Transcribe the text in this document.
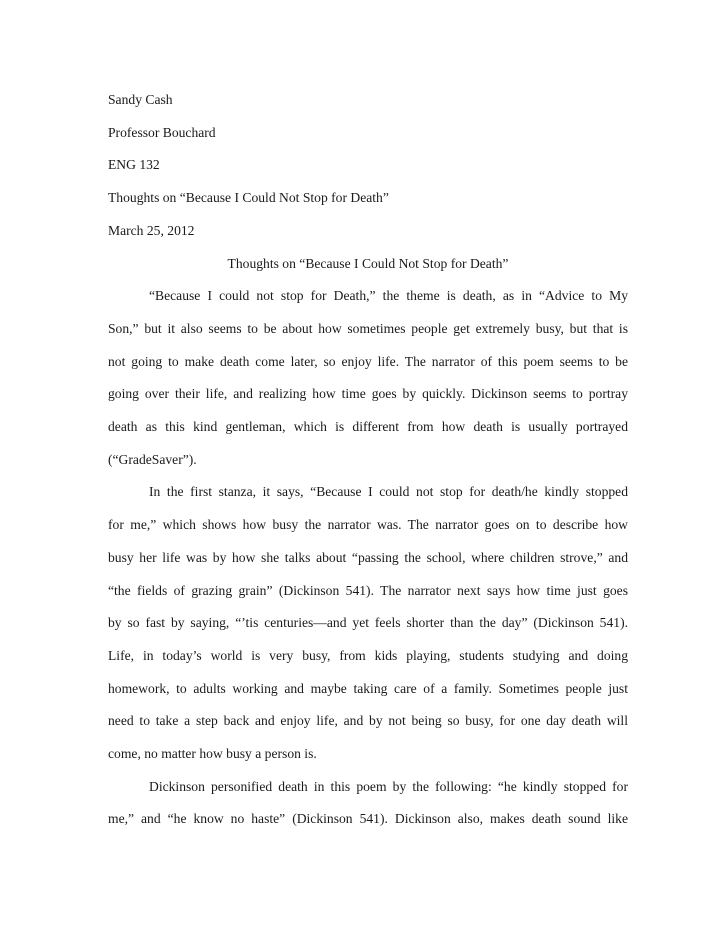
Sandy Cash

Professor Bouchard

ENG 132

Thoughts on “Because I Could Not Stop for Death”

March 25, 2012

Thoughts on “Because I Could Not Stop for Death”

“Because I could not stop for Death,” the theme is death, as in “Advice to My

Son,” but it also seems to be about how sometimes people get extremely busy, but that is

not going to make death come later, so enjoy life. The narrator of this poem seems to be

going over their life, and realizing how time goes by quickly. Dickinson seems to portray

death as this kind gentleman, which is different from how death is usually portrayed

(“GradeSaver”).

In the first stanza, it says, “Because I could not stop for death/he kindly stopped

for me,” which shows how busy the narrator was. The narrator goes on to describe how

busy her life was by how she talks about “passing the school, where children strove,” and

“the fields of grazing grain” (Dickinson 541). The narrator next says how time just goes

by so fast by saying, “’tis centuries—and yet feels shorter than the day” (Dickinson 541).

Life, in today’s world is very busy, from kids playing, students studying and doing

homework, to adults working and maybe taking care of a family. Sometimes people just

need to take a step back and enjoy life, and by not being so busy, for one day death will

come, no matter how busy a person is.

Dickinson personified death in this poem by the following: “he kindly stopped for

me,” and “he know no haste” (Dickinson 541). Dickinson also, makes death sound like
